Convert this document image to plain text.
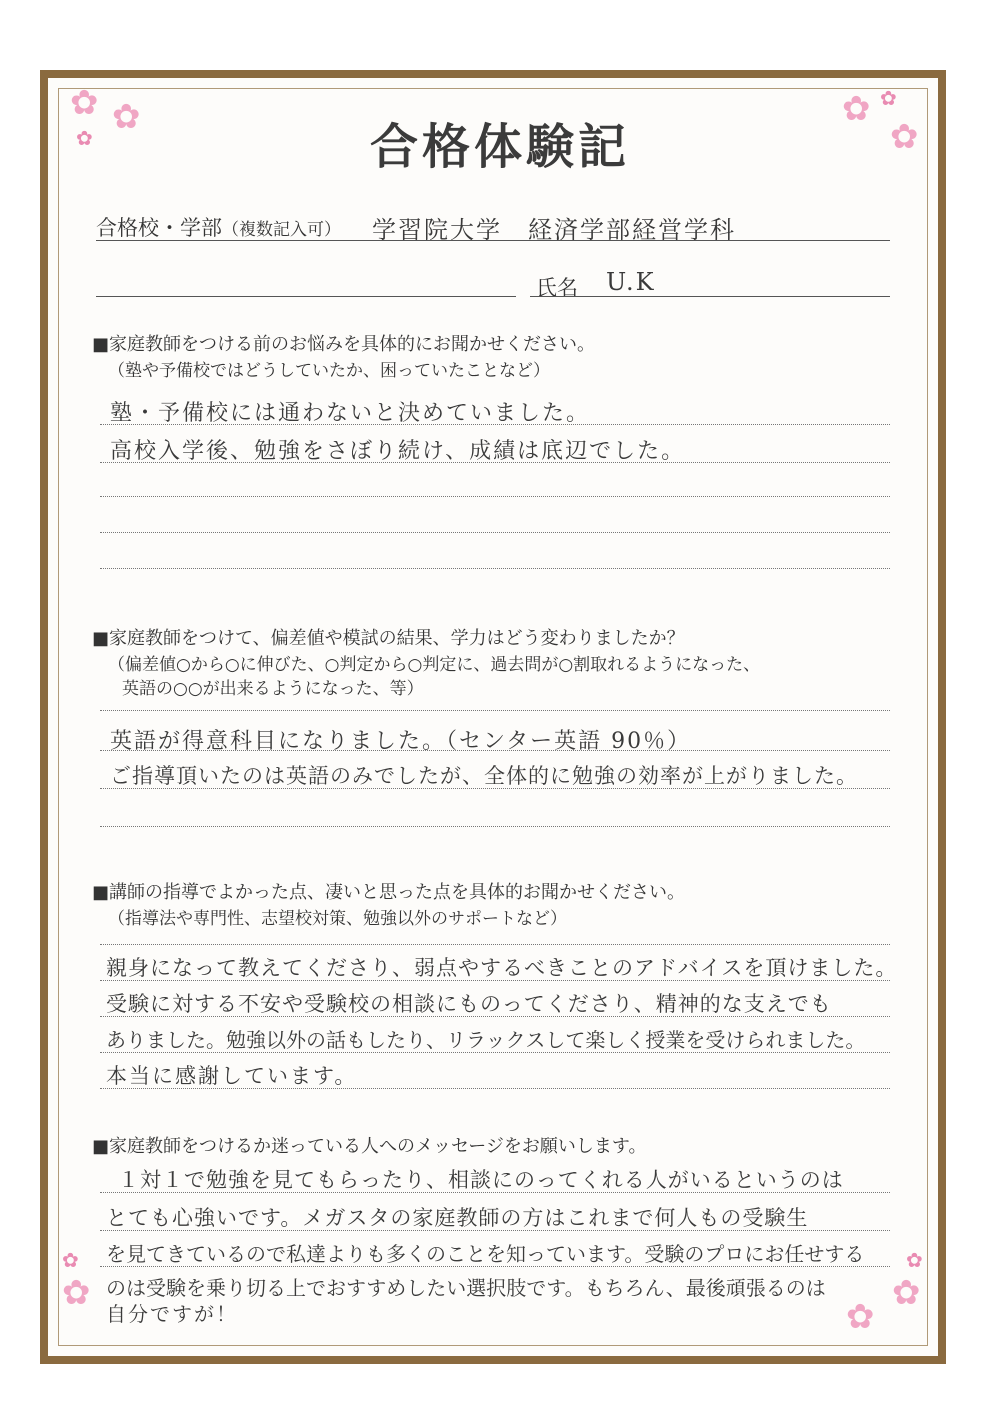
✿ ✿
✿
✿
✿
✿
✿
✿
✿
✿
✿
合格体験記
合格校・学部（複数記入可） 学習院大学　経済学部経営学科
氏名 U.K
■家庭教師をつける前のお悩みを具体的にお聞かせください。
（塾や予備校ではどうしていたか、困っていたことなど）
塾・予備校には通わないと決めていました。
高校入学後、勉強をさぼり続け、成績は底辺でした。
■家庭教師をつけて、偏差値や模試の結果、学力はどう変わりましたか？
（偏差値○から○に伸びた、○判定から○判定に、過去問が○割取れるようになった、
英語の○○が出来るようになった、等）
英語が得意科目になりました。（センター英語 90％）
ご指導頂いたのは英語のみでしたが、全体的に勉強の効率が上がりました。
■講師の指導でよかった点、凄いと思った点を具体的お聞かせください。
（指導法や専門性、志望校対策、勉強以外のサポートなど）
親身になって教えてくださり、弱点やするべきことのアドバイスを頂けました。
受験に対する不安や受験校の相談にものってくださり、精神的な支えでも
ありました。勉強以外の話もしたり、リラックスして楽しく授業を受けられました。
本当に感謝しています。
■家庭教師をつけるか迷っている人へのメッセージをお願いします。
１対１で勉強を見てもらったり、相談にのってくれる人がいるというのは
とても心強いです。メガスタの家庭教師の方はこれまで何人もの受験生
を見てきているので私達よりも多くのことを知っています。受験のプロにお任せする
のは受験を乗り切る上でおすすめしたい選択肢です。もちろん、最後頑張るのは
自分ですが！
